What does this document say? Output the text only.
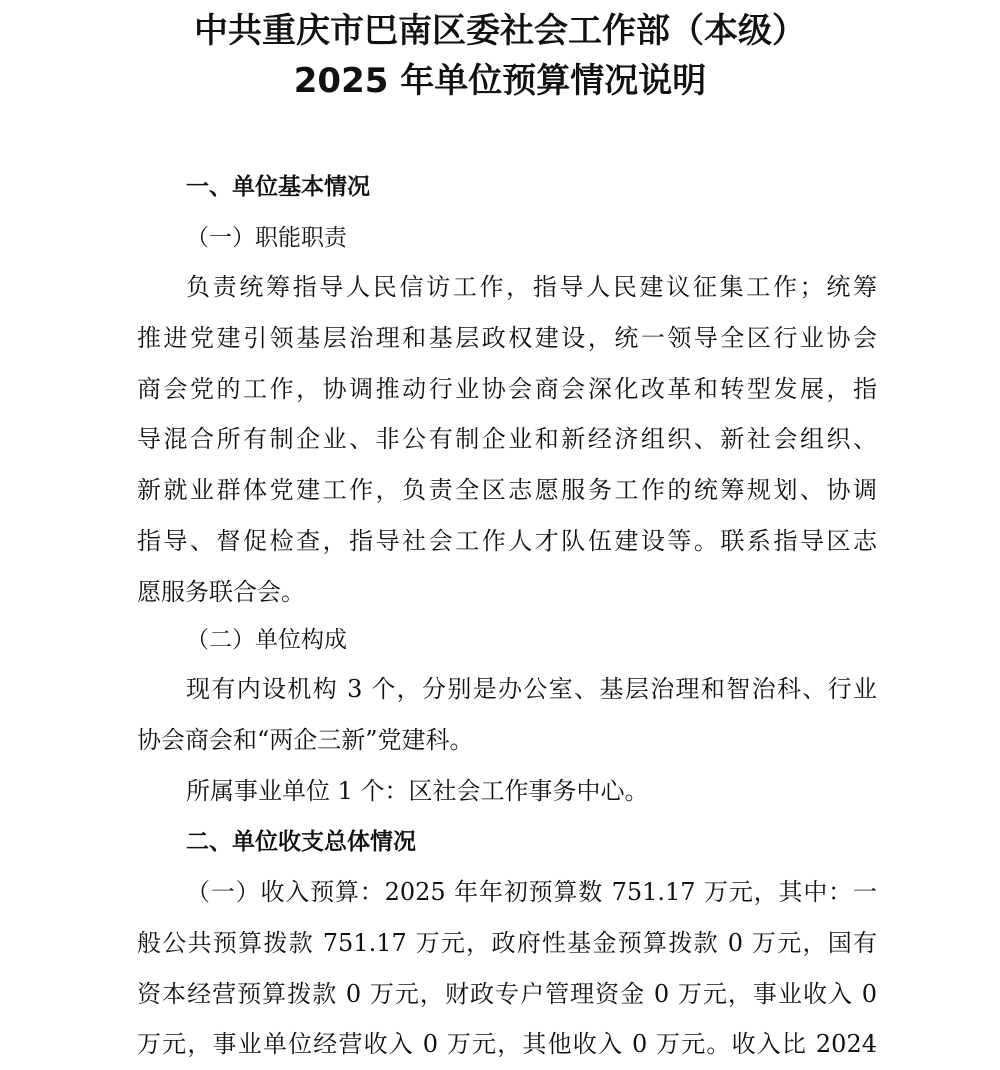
中共重庆市巴南区委社会工作部（本级）
2025 年单位预算情况说明
一、单位基本情况
（一）职能职责
负责统筹指导人民信访工作，指导人民建议征集工作；统筹
推进党建引领基层治理和基层政权建设，统一领导全区行业协会
商会党的工作，协调推动行业协会商会深化改革和转型发展，指
导混合所有制企业、非公有制企业和新经济组织、新社会组织、
新就业群体党建工作，负责全区志愿服务工作的统筹规划、协调
指导、督促检查，指导社会工作人才队伍建设等。联系指导区志
愿服务联合会。
（二）单位构成
现有内设机构 3 个，分别是办公室、基层治理和智治科、行业
协会商会和“两企三新”党建科。
所属事业单位 1 个：区社会工作事务中心。
二、单位收支总体情况
（一）收入预算：2025 年年初预算数 751.17 万元，其中：一
般公共预算拨款 751.17 万元，政府性基金预算拨款 0 万元，国有
资本经营预算拨款 0 万元，财政专户管理资金 0 万元，事业收入 0
万元，事业单位经营收入 0 万元，其他收入 0 万元。收入比 2024
